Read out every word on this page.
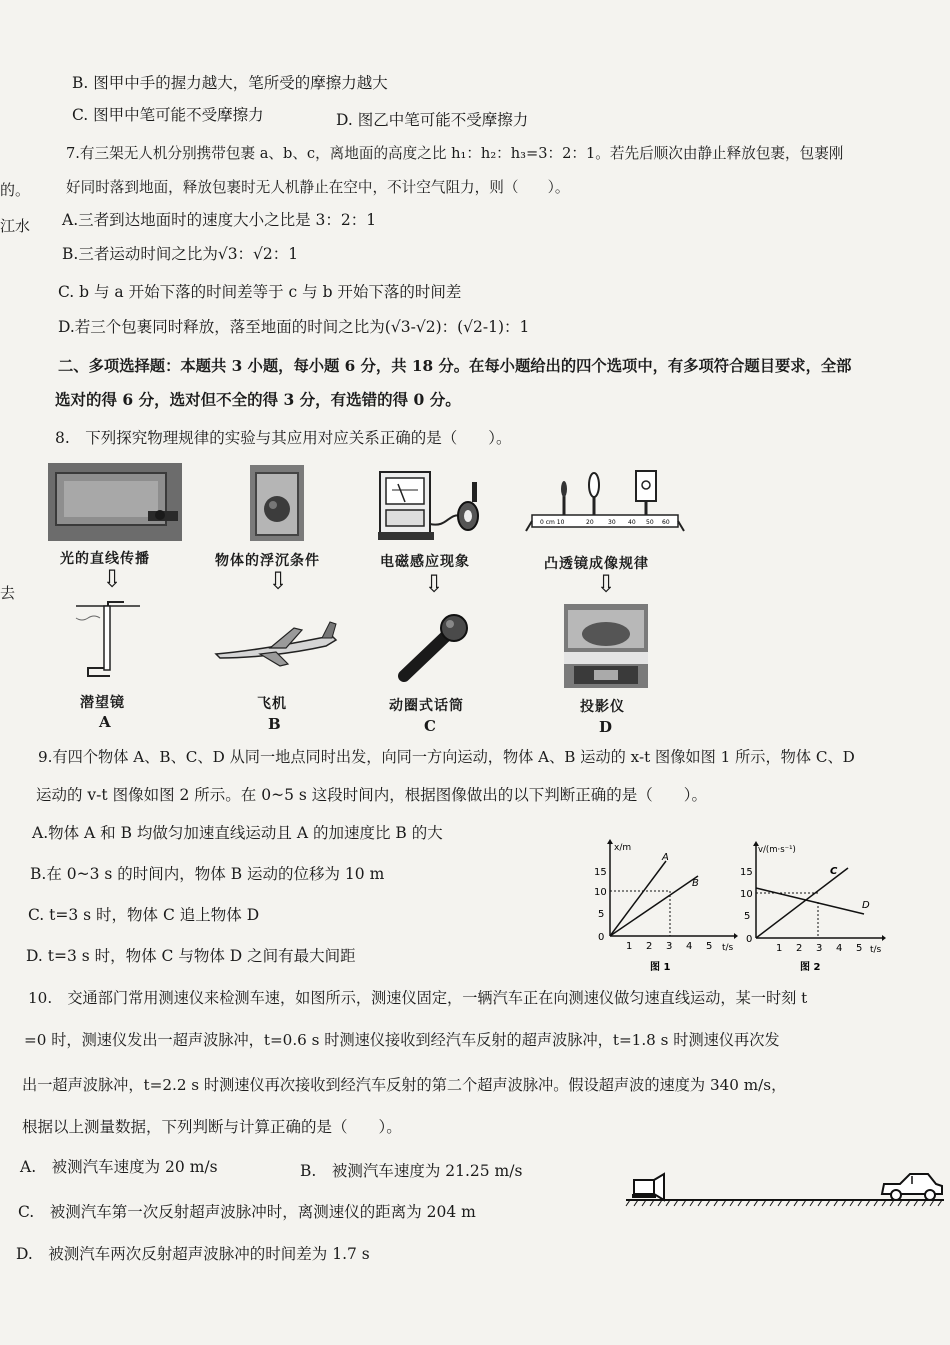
的。
江水
去
B. 图甲中手的握力越大，笔所受的摩擦力越大
C. 图甲中笔可能不受摩擦力	D. 图乙中笔可能不受摩擦力
7.有三架无人机分别携带包裹 a、b、c，离地面的高度之比 h₁：h₂：h₃=3：2：1。若先后顺次由静止释放包裹，包裹刚
好同时落到地面，释放包裹时无人机静止在空中，不计空气阻力，则（　　）。
A.三者到达地面时的速度大小之比是 3：2：1
B.三者运动时间之比为√3：√2：1
C. b 与 a 开始下落的时间差等于 c 与 b 开始下落的时间差
D.若三个包裹同时释放，落至地面的时间之比为(√3-√2)：(√2-1)：1
二、多项选择题：本题共 3 小题，每小题 6 分，共 18 分。在每小题给出的四个选项中，有多项符合题目要求，全部
选对的得 6 分，选对但不全的得 3 分，有选错的得 0 分。
8.　下列探究物理规律的实验与其应用对应关系正确的是（　　）。
0 cm 10	20 30 40 50 60
光的直线传播	物体的浮沉条件	电磁感应现象	凸透镜成像规律
⇩	⇩	⇩	⇩
潜望镜	飞机	动圈式话筒	投影仪
A	B	C	D
9.有四个物体 A、B、C、D 从同一地点同时出发，向同一方向运动，物体 A、B 运动的 x-t 图像如图 1 所示，物体 C、D
运动的 v-t 图像如图 2 所示。在 0~5 s 这段时间内，根据图像做出的以下判断正确的是（　　）。
A.物体 A 和 B 均做匀加速直线运动且 A 的加速度比 B 的大
B.在 0~3 s 的时间内，物体 B 运动的位移为 10 m
C. t=3 s 时，物体 C 追上物体 D
D. t=3 s 时，物体 C 与物体 D 之间有最大间距
x/m
t/s
15
10
5
0
1 2 3 4 5
A
B
图 1
v/(m·s⁻¹)
t/s
15
10
5
0
1 2 3 4 5
C
D
图 2
10.　交通部门常用测速仪来检测车速，如图所示，测速仪固定，一辆汽车正在向测速仪做匀速直线运动，某一时刻 t
=0 时，测速仪发出一超声波脉冲，t=0.6 s 时测速仪接收到经汽车反射的超声波脉冲，t=1.8 s 时测速仪再次发
出一超声波脉冲，t=2.2 s 时测速仪再次接收到经汽车反射的第二个超声波脉冲。假设超声波的速度为 340 m/s，
根据以上测量数据，下列判断与计算正确的是（　　）。
A.　被测汽车速度为 20 m/s	B.　被测汽车速度为 21.25 m/s
C.　被测汽车第一次反射超声波脉冲时，离测速仪的距离为 204 m
D.　被测汽车两次反射超声波脉冲的时间差为 1.7 s
